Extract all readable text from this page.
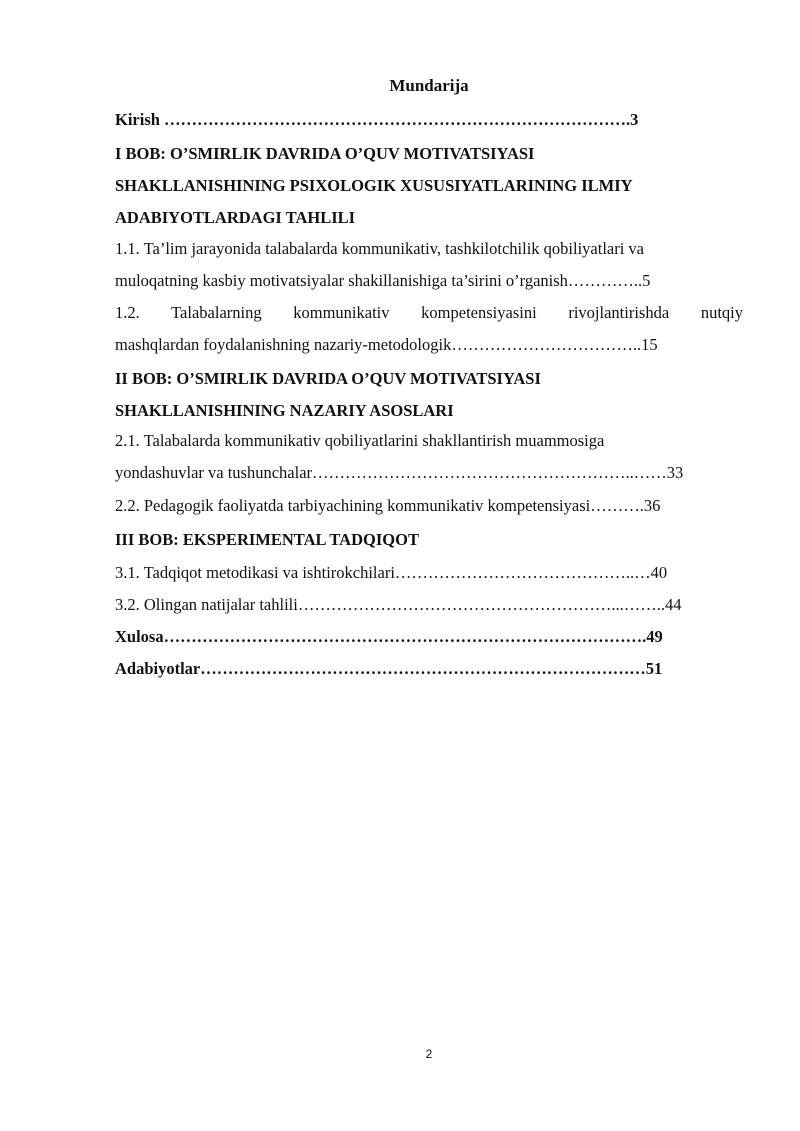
Mundarija
Kirish ………………………………………………………………………….3
I BOB: O’SMIRLIK DAVRIDA O’QUV MOTIVATSIYASI
SHAKLLANISHINING PSIXOLOGIK XUSUSIYATLARINING ILMIY
ADABIYOTLARDAGI TAHLILI
1.1. Ta’lim jarayonida talabalarda kommunikativ, tashkilotchilik qobiliyatlari va
muloqatning kasbiy motivatsiyalar shakillanishiga ta’sirini o’rganish…………..5
1.2. Talabalarning kommunikativ kompetensiyasini rivojlantirishda nutqiy
mashqlardan foydalanishning nazariy-metodologik……………………………..15
II BOB: O’SMIRLIK DAVRIDA O’QUV MOTIVATSIYASI
SHAKLLANISHINING NAZARIY ASOSLARI
2.1. Talabalarda kommunikativ qobiliyatlarini shakllantirish muammosiga
yondashuvlar va tushunchalar…………………………………………………..……33
2.2. Pedagogik faoliyatda tarbiyachining kommunikativ kompetensiyasi……….36
III BOB: EKSPERIMENTAL TADQIQOT
3.1. Tadqiqot metodikasi va ishtirokchilari……………………………………..…40
3.2. Olingan natijalar tahlili…………………………………………………...……..44
Xulosa…………………………………………………………………………….49
Adabiyotlar………………………………………………………………………51
2
